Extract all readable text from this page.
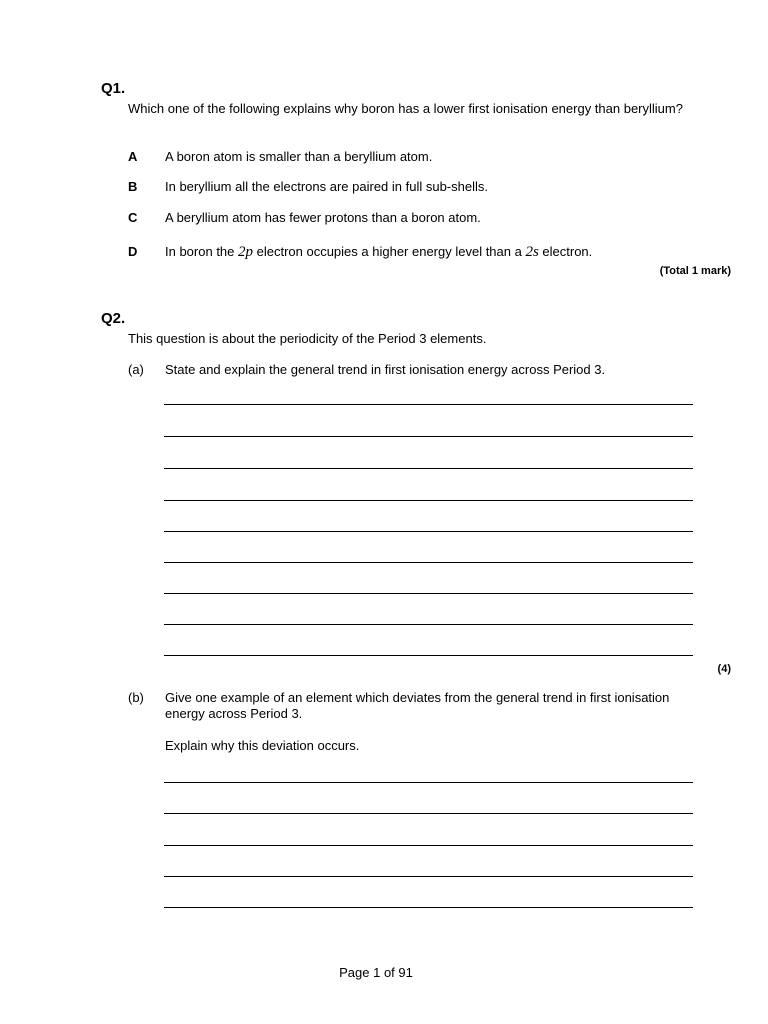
Q1.
Which one of the following explains why boron has a lower first ionisation energy than beryllium?
A A boron atom is smaller than a beryllium atom.
B In beryllium all the electrons are paired in full sub-shells.
C A beryllium atom has fewer protons than a boron atom.
D In boron the 2p electron occupies a higher energy level than a 2s electron.
(Total 1 mark)
Q2.
This question is about the periodicity of the Period 3 elements.
(a) State and explain the general trend in first ionisation energy across Period 3.
(4)
(b) Give one example of an element which deviates from the general trend in first ionisation energy across Period 3.
Explain why this deviation occurs.
Page 1 of 91
